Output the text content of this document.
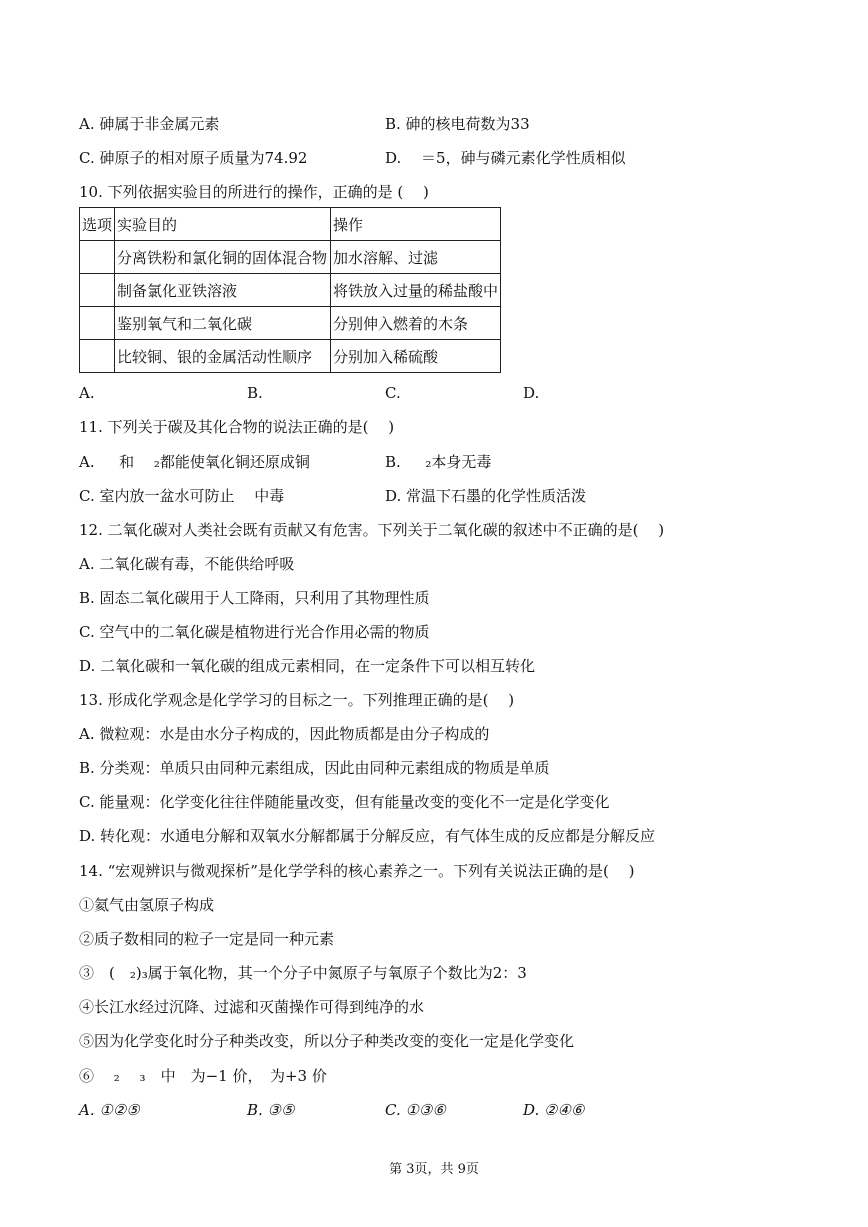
A. 砷属于非金属元素	B. 砷的核电荷数为33
C. 砷原子的相对原子质量为74.92	D. 　＝5，砷与磷元素化学性质相似
10. 下列依据实验目的所进行的操作，正确的是 (　 )
选项	实验目的	操作
	分离铁粉和氯化铜的固体混合物	加水溶解、过滤
	制备氯化亚铁溶液	将铁放入过量的稀盐酸中
	鉴别氧气和二氧化碳	分别伸入燃着的木条
	比较铜、银的金属活动性顺序	分别加入稀硫酸
A.	B.	C.	D.
11. 下列关于碳及其化合物的说法正确的是(　 )
A. 　 和　 ₂都能使氧化铜还原成铜	B. 　 ₂本身无毒
C. 室内放一盆水可防止　 中毒	D. 常温下石墨的化学性质活泼
12. 二氧化碳对人类社会既有贡献又有危害。下列关于二氧化碳的叙述中不正确的是(　 )
A. 二氧化碳有毒，不能供给呼吸
B. 固态二氧化碳用于人工降雨，只利用了其物理性质
C. 空气中的二氧化碳是植物进行光合作用必需的物质
D. 二氧化碳和一氧化碳的组成元素相同，在一定条件下可以相互转化
13. 形成化学观念是化学学习的目标之一。下列推理正确的是(　 )
A. 微粒观：水是由水分子构成的，因此物质都是由分子构成的
B. 分类观：单质只由同种元素组成，因此由同种元素组成的物质是单质
C. 能量观：化学变化往往伴随能量改变，但有能量改变的变化不一定是化学变化
D. 转化观：水通电分解和双氧水分解都属于分解反应，有气体生成的反应都是分解反应
14. “宏观辨识与微观探析”是化学学科的核心素养之一。下列有关说法正确的是(　 )
①氦气由氢原子构成
②质子数相同的粒子一定是同一种元素
③　(　₂)₃属于氧化物，其一个分子中氮原子与氧原子个数比为2：3
④长江水经过沉降、过滤和灭菌操作可得到纯净的水
⑤因为化学变化时分子种类改变，所以分子种类改变的变化一定是化学变化
⑥　 ₂　 ₃　中　为−1 价，　为+3 价
A. ①②⑤	B. ③⑤	C. ①③⑥	D. ②④⑥
第 3页，共 9页
